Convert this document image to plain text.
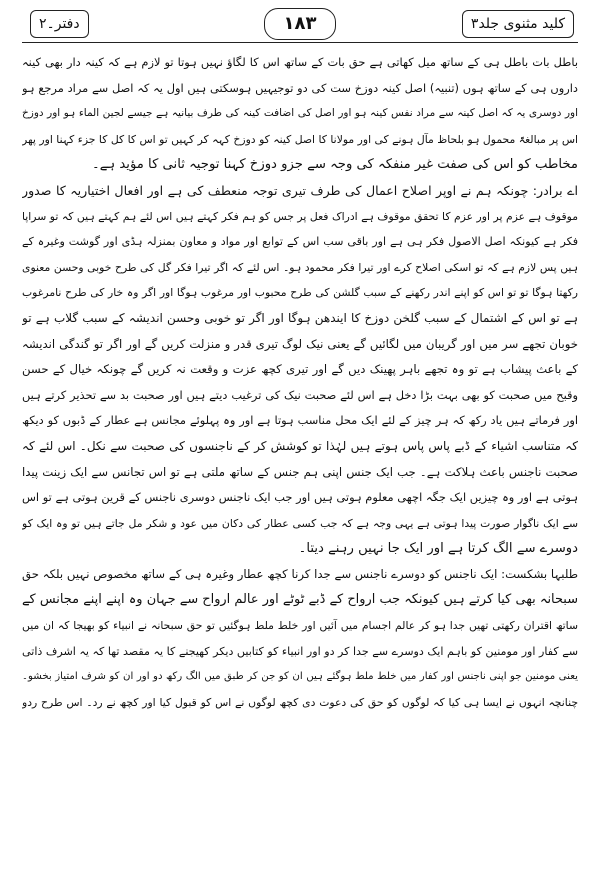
کلید مثنوی جلد۳
۱۸۳
دفتر۔۲
باطل بات باطل ہی کے ساتھ میل کھاتی ہے حق بات کے ساتھ اس کا لگاؤ نہیں ہوتا تو لازم ہے کہ کینہ دار بھی کینہ
داروں ہی کے ساتھ ہوں (تنبیہ) اصل کینہ دوزخ ست کی دو توجیہیں ہوسکتی ہیں اول یہ کہ اصل سے مراد مرجع ہو
اور دوسری یہ کہ اصل کینہ سے مراد نفس کینہ ہو اور اصل کی اضافت کینہ کی طرف بیانیہ ہے جیسے لجین الماء ہو اور دوزخ
اس پر مبالغۃً محمول ہو بلحاظ مآل ہونے کی اور مولانا کا اصل کینہ کو دوزخ کہہ کر کہیں تو اس کا کل کا جزء کہنا اور پھر
مخاطب کو اس کی صفت غیر منفکہ کی وجہ سے جزو دوزخ کہنا توجیہ ثانی کا مؤید ہے۔
اے برادر: چونکہ ہم نے اوپر اصلاح اعمال کی طرف تیری توجہ منعطف کی ہے اور افعال اختیاریہ کا صدور
موقوف ہے عزم پر اور عزم کا تحقق موقوف ہے ادراک فعل پر جس کو ہم فکر کہتے ہیں اس لئے ہم کہتے ہیں کہ تو سراپا
فکر ہے کیونکہ اصل الاصول فکر ہی ہے اور باقی سب اس کے توابع اور مواد و معاون بمنزلہ ہڈی اور گوشت وغیرہ کے
ہیں پس لازم ہے کہ تو اسکی اصلاح کرے اور تیرا فکر محمود ہو۔ اس لئے کہ اگر تیرا فکر گل کی طرح خوبی وحسن معنوی
رکھتا ہوگا تو تو اس کو اپنے اندر رکھنے کے سبب گلشن کی طرح محبوب اور مرغوب ہوگا اور اگر وہ خار کی طرح نامرغوب
ہے تو اس کے اشتمال کے سبب گلخن دوزخ کا ایندھن ہوگا اور اگر تو خوبی وحسن اندیشہ کے سبب گلاب ہے تو
خوبان تجھے سر میں اور گریبان میں لگائیں گے یعنی نیک لوگ تیری قدر و منزلت کریں گے اور اگر تو گندگی اندیشہ
کے باعث پیشاب ہے تو وہ تجھے باہر پھینک دیں گے اور تیری کچھ عزت و وقعت نہ کریں گے چونکہ خیال کے حسن
وقبح میں صحبت کو بھی بہت بڑا دخل ہے اس لئے صحبت نیک کی ترغیب دیتے ہیں اور صحبت بد سے تحذیر کرتے ہیں
اور فرماتے ہیں یاد رکھ کہ ہر چیز کے لئے ایک محل مناسب ہوتا ہے اور وہ پہلوئے مجانس ہے عطار کے ڈبوں کو دیکھ
کہ متناسب اشیاء کے ڈبے پاس پاس ہوتے ہیں لہٰذا تو کوشش کر کے ناجنسوں کی صحبت سے نکل۔ اس لئے کہ
صحبت ناجنس باعث ہلاکت ہے۔ جب ایک جنس اپنی ہم جنس کے ساتھ ملتی ہے تو اس تجانس سے ایک زینت پیدا
ہوتی ہے اور وہ چیزیں ایک جگہ اچھی معلوم ہوتی ہیں اور جب ایک ناجنس دوسری ناجنس کے قرین ہوتی ہے تو اس
سے ایک ناگوار صورت پیدا ہوتی ہے یہی وجہ ہے کہ جب کسی عطار کی دکان میں عود و شکر مل جاتے ہیں تو وہ ایک کو
دوسرے سے الگ کرتا ہے اور ایک جا نہیں رہنے دیتا۔
طلبہا بشکست: ایک ناجنس کو دوسرے ناجنس سے جدا کرنا کچھ عطار وغیرہ ہی کے ساتھ مخصوص نہیں بلکہ حق
سبحانہ بھی کیا کرتے ہیں کیونکہ جب ارواح کے ڈبے ٹوٹے اور عالم ارواح سے جہان وہ اپنے اپنے مجانس کے
ساتھ اقتران رکھتی تھیں جدا ہو کر عالم اجسام میں آئیں اور خلط ملط ہوگئیں تو حق سبحانہ نے انبیاء کو بھیجا کہ ان میں
سے کفار اور مومنین کو باہم ایک دوسرے سے جدا کر دو اور انبیاء کو کتابیں دیکر کھیجنے کا یہ مقصد تھا کہ یہ اشرف ذاتی
یعنی مومنین جو اپنی ناجنس اور کفار میں خلط ملط ہوگئے ہیں ان کو جن کر طبق میں الگ رکھ دو اور ان کو شرف امتیاز بخشو۔
چنانچہ انہوں نے ایسا ہی کیا کہ لوگوں کو حق کی دعوت دی کچھ لوگوں نے اس کو قبول کیا اور کچھ نے رد۔ اس طرح ردو
